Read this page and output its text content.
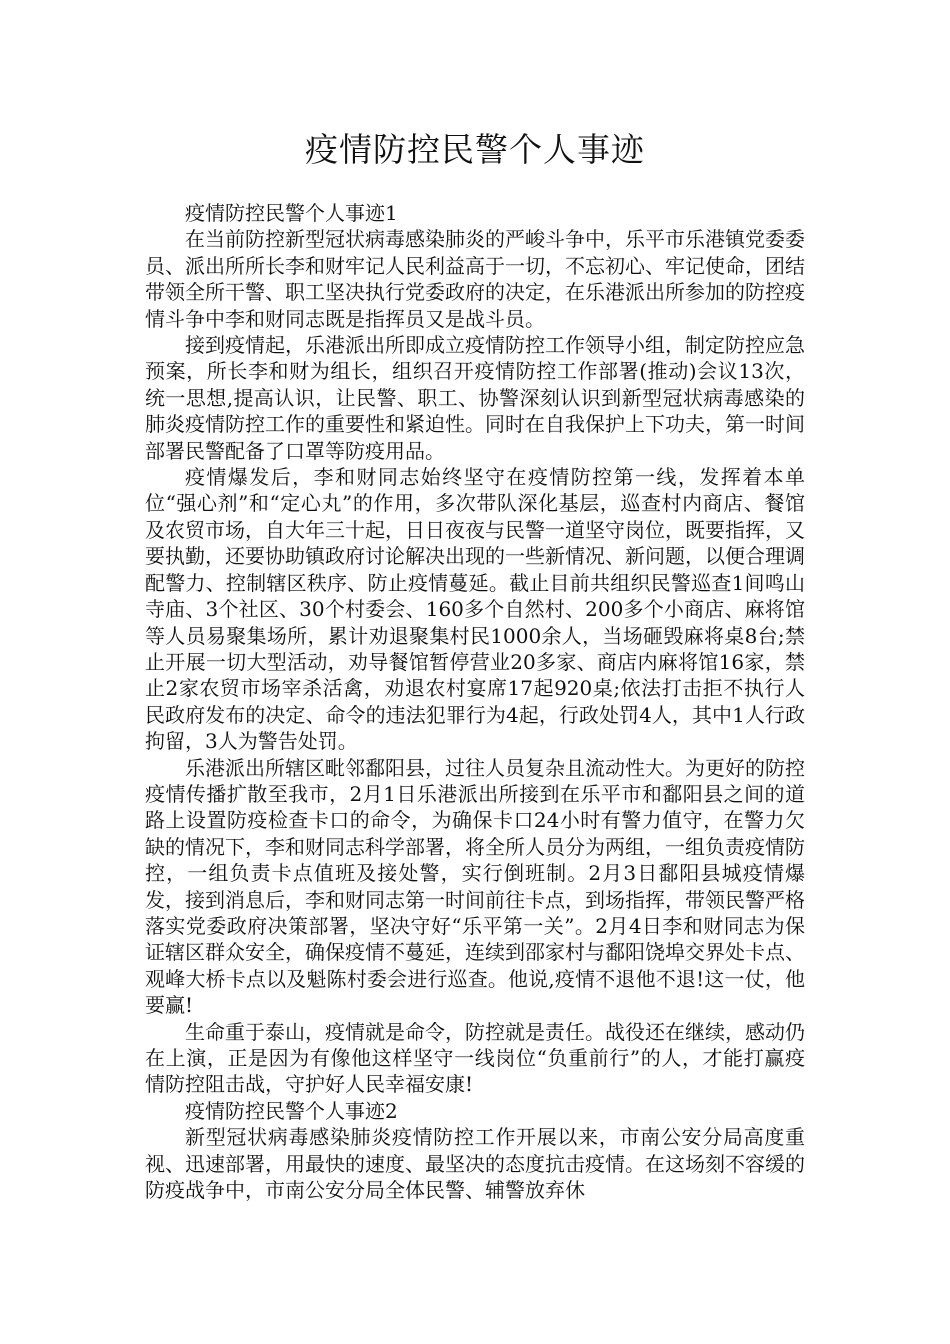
疫情防控民警个人事迹

疫情防控民警个人事迹1

在当前防控新型冠状病毒感染肺炎的严峻斗争中，乐平市乐港镇党委委员、派出所所长李和财牢记人民利益高于一切，不忘初心、牢记使命，团结带领全所干警、职工坚决执行党委政府的决定，在乐港派出所参加的防控疫情斗争中李和财同志既是指挥员又是战斗员。

接到疫情起，乐港派出所即成立疫情防控工作领导小组，制定防控应急预案，所长李和财为组长，组织召开疫情防控工作部署(推动)会议13次，统一思想,提高认识，让民警、职工、协警深刻认识到新型冠状病毒感染的肺炎疫情防控工作的重要性和紧迫性。同时在自我保护上下功夫，第一时间部署民警配备了口罩等防疫用品。

疫情爆发后，李和财同志始终坚守在疫情防控第一线，发挥着本单位“强心剂”和“定心丸”的作用，多次带队深化基层，巡查村内商店、餐馆及农贸市场，自大年三十起，日日夜夜与民警一道坚守岗位，既要指挥，又要执勤，还要协助镇政府讨论解决出现的一些新情况、新问题，以便合理调配警力、控制辖区秩序、防止疫情蔓延。截止目前共组织民警巡查1间鸣山寺庙、3个社区、30个村委会、160多个自然村、200多个小商店、麻将馆等人员易聚集场所，累计劝退聚集村民1000余人，当场砸毁麻将桌8台;禁止开展一切大型活动，劝导餐馆暂停营业20多家、商店内麻将馆16家，禁止2家农贸市场宰杀活禽，劝退农村宴席17起920桌;依法打击拒不执行人民政府发布的决定、命令的违法犯罪行为4起，行政处罚4人，其中1人行政拘留，3人为警告处罚。

乐港派出所辖区毗邻鄱阳县，过往人员复杂且流动性大。为更好的防控疫情传播扩散至我市，2月1日乐港派出所接到在乐平市和鄱阳县之间的道路上设置防疫检查卡口的命令，为确保卡口24小时有警力值守，在警力欠缺的情况下，李和财同志科学部署，将全所人员分为两组，一组负责疫情防控，一组负责卡点值班及接处警，实行倒班制。2月3日鄱阳县城疫情爆发，接到消息后，李和财同志第一时间前往卡点，到场指挥，带领民警严格落实党委政府决策部署，坚决守好“乐平第一关”。2月4日李和财同志为保证辖区群众安全，确保疫情不蔓延，连续到邵家村与鄱阳饶埠交界处卡点、观峰大桥卡点以及魁陈村委会进行巡查。他说,疫情不退他不退!这一仗，他要赢!

生命重于泰山，疫情就是命令，防控就是责任。战役还在继续，感动仍在上演，正是因为有像他这样坚守一线岗位“负重前行”的人，才能打赢疫情防控阻击战，守护好人民幸福安康!

疫情防控民警个人事迹2

新型冠状病毒感染肺炎疫情防控工作开展以来，市南公安分局高度重视、迅速部署，用最快的速度、最坚决的态度抗击疫情。在这场刻不容缓的防疫战争中，市南公安分局全体民警、辅警放弃休
